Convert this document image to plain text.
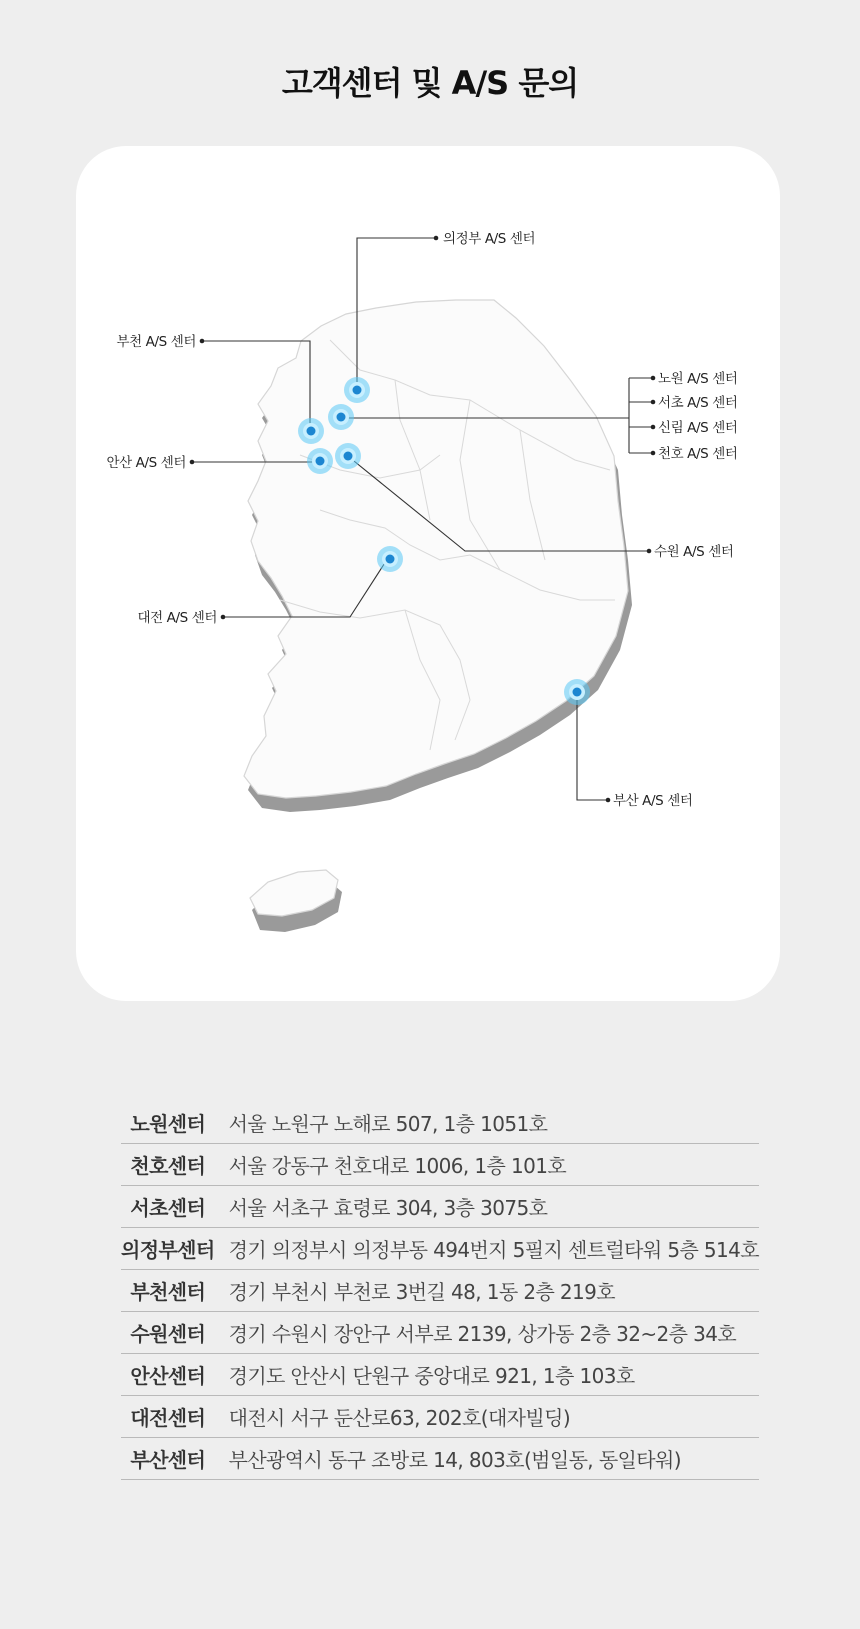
고객센터 및 A/S 문의
의정부 A/S 센터
부천 A/S 센터
안산 A/S 센터
대전 A/S 센터
노원 A/S 센터
서초 A/S 센터
신림 A/S 센터
천호 A/S 센터
수원 A/S 센터
부산 A/S 센터
노원센터	서울 노원구 노해로 507, 1층 1051호
천호센터	서울 강동구 천호대로 1006, 1층 101호
서초센터	서울 서초구 효령로 304, 3층 3075호
의정부센터	경기 의정부시 의정부동 494번지 5필지 센트럴타워 5층 514호
부천센터	경기 부천시 부천로 3번길 48, 1동 2층 219호
수원센터	경기 수원시 장안구 서부로 2139, 상가동 2층 32~2층 34호
안산센터	경기도 안산시 단원구 중앙대로 921, 1층 103호
대전센터	대전시 서구 둔산로63, 202호(대자빌딩)
부산센터	부산광역시 동구 조방로 14, 803호(범일동, 동일타워)
